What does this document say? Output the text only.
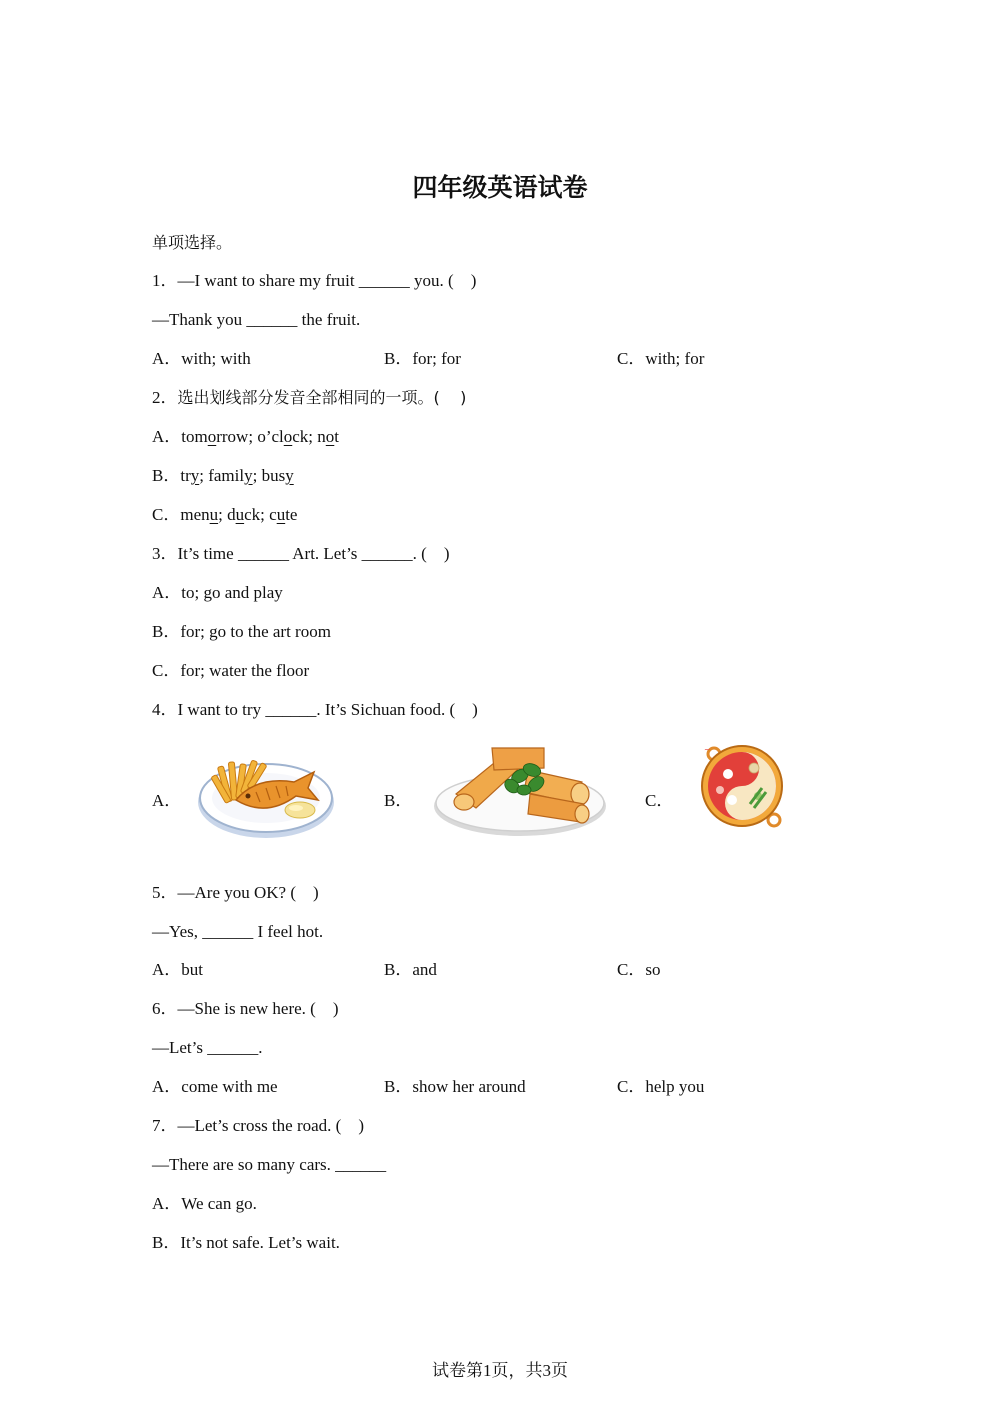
四年级英语试卷
单项选择。
1．—I want to share my fruit ______ you. (    )
—Thank you ______ the fruit.
A．with; with	B．for; for	C．with; for
2．选出划线部分发音全部相同的一项。(    )
A．tomorrow; o’clock; not
B．try; family; busy
C．menu; duck; cute
3．It’s time ______ Art. Let’s ______. (    )
A．to; go and play
B．for; go to the art room
C．for; water the floor
4．I want to try ______. It’s Sichuan food. (    )
A．	B．	C．
~
5．—Are you OK? (    )
—Yes, ______ I feel hot.
A．but	B．and	C．so
6．—She is new here. (    )
—Let’s ______.
A．come with me	B．show her around	C．help you
7．—Let’s cross the road. (    )
—There are so many cars. ______
A．We can go.
B．It’s not safe. Let’s wait.
试卷第1页，共3页
